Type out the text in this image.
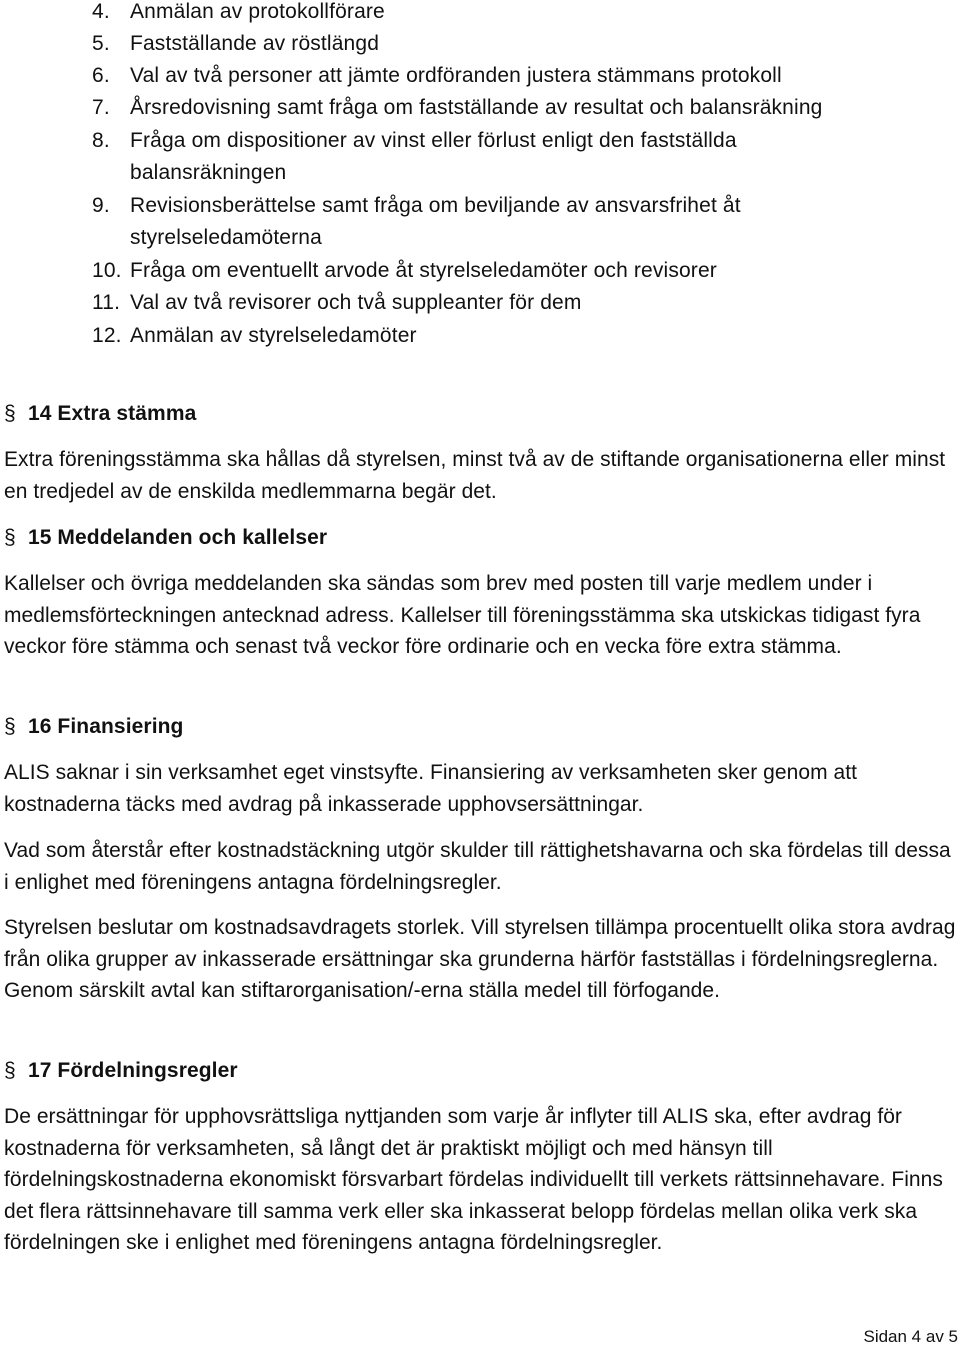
4. Anmälan av protokollförare
5. Fastställande av röstlängd
6. Val av två personer att jämte ordföranden justera stämmans protokoll
7. Årsredovisning samt fråga om fastställande av resultat och balansräkning
8. Fråga om dispositioner av vinst eller förlust enligt den fastställda balansräkningen
9. Revisionsberättelse samt fråga om beviljande av ansvarsfrihet åt styrelseledamöterna
10. Fråga om eventuellt arvode åt styrelseledamöter och revisorer
11. Val av två revisorer och två suppleanter för dem
12. Anmälan av styrelseledamöter
§ 14 Extra stämma

Extra föreningsstämma ska hållas då styrelsen, minst två av de stiftande organisationerna eller minst en tredjedel av de enskilda medlemmarna begär det.

§ 15 Meddelanden och kallelser

Kallelser och övriga meddelanden ska sändas som brev med posten till varje medlem under i medlemsförteckningen antecknad adress. Kallelser till föreningsstämma ska utskickas tidigast fyra veckor före stämma och senast två veckor före ordinarie och en vecka före extra stämma.

§ 16 Finansiering

ALIS saknar i sin verksamhet eget vinstsyfte. Finansiering av verksamheten sker genom att kostnaderna täcks med avdrag på inkasserade upphovsersättningar.

Vad som återstår efter kostnadstäckning utgör skulder till rättighetshavarna och ska fördelas till dessa i enlighet med föreningens antagna fördelningsregler.

Styrelsen beslutar om kostnadsavdragets storlek. Vill styrelsen tillämpa procentuellt olika stora avdrag från olika grupper av inkasserade ersättningar ska grunderna härför fastställas i fördelningsreglerna. Genom särskilt avtal kan stiftarorganisation/-erna ställa medel till förfogande.

§ 17 Fördelningsregler

De ersättningar för upphovsrättsliga nyttjanden som varje år inflyter till ALIS ska, efter avdrag för kostnaderna för verksamheten, så långt det är praktiskt möjligt och med hänsyn till fördelningskostnaderna ekonomiskt försvarbart fördelas individuellt till verkets rättsinnehavare. Finns det flera rättsinnehavare till samma verk eller ska inkasserat belopp fördelas mellan olika verk ska fördelningen ske i enlighet med föreningens antagna fördelningsregler.

Sidan 4 av 5
